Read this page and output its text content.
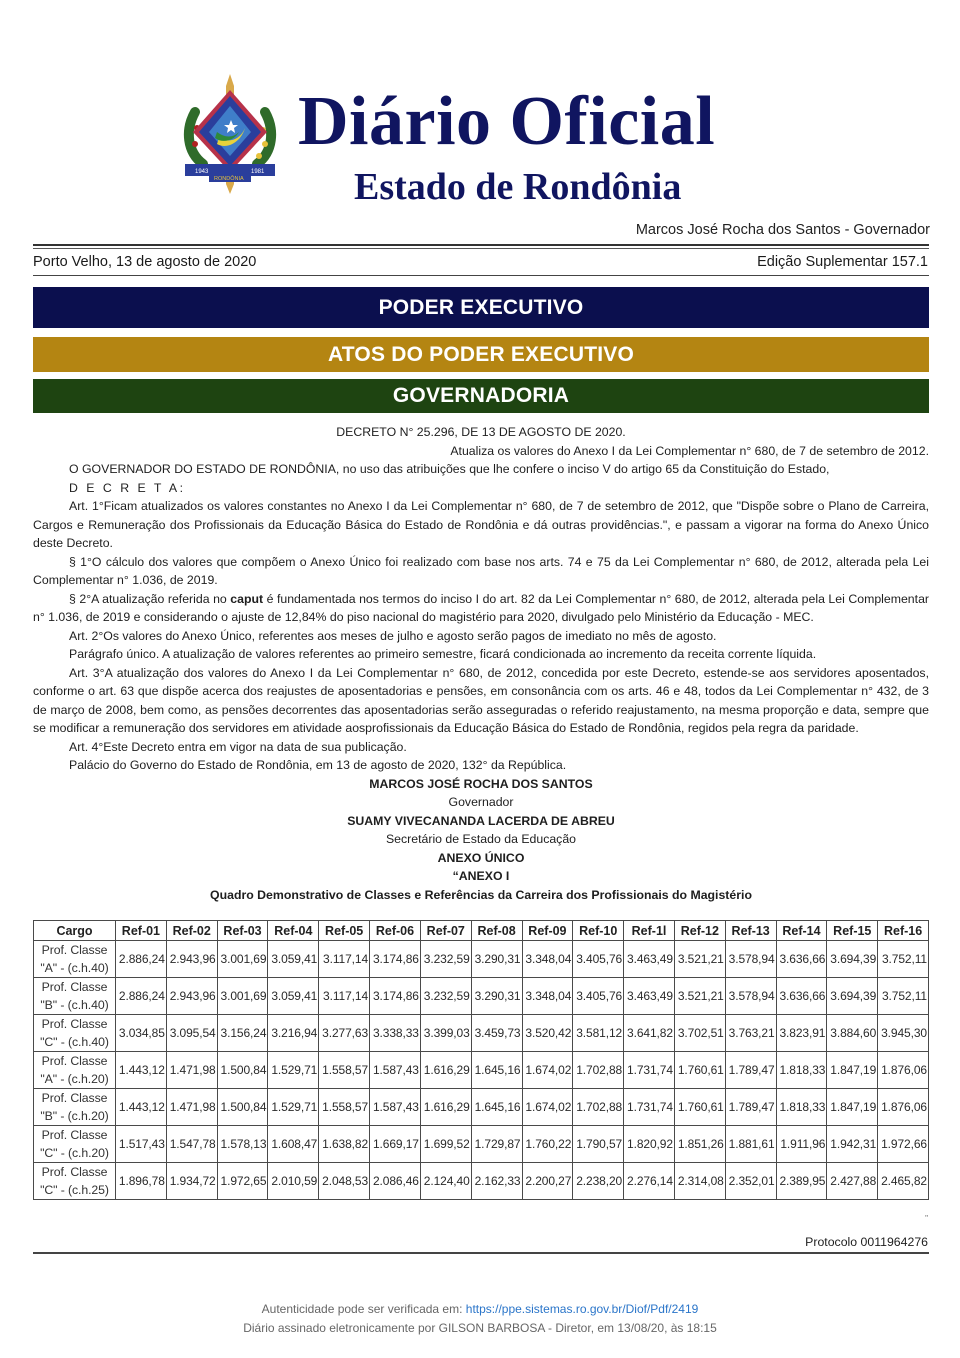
1943	1981
RONDÔNIA
Diário Oficial
Estado de Rondônia
Marcos José Rocha dos Santos - Governador
Porto Velho, 13 de agosto de 2020	Edição Suplementar 157.1
PODER EXECUTIVO
ATOS DO PODER EXECUTIVO
GOVERNADORIA

DECRETO N° 25.296, DE 13 DE AGOSTO DE 2020.

Atualiza os valores do Anexo I da Lei Complementar n° 680, de 7 de setembro de 2012.

O GOVERNADOR DO ESTADO DE RONDÔNIA, no uso das atribuições que lhe confere o inciso V do artigo 65 da Constituição do Estado,

D E C R E T A:

Art. 1°Ficam atualizados os valores constantes no Anexo I da Lei Complementar n° 680, de 7 de setembro de 2012, que "Dispõe sobre o Plano de Carreira, Cargos e Remuneração dos Profissionais da Educação Básica do Estado de Rondônia e dá outras providências.", e passam a vigorar na forma do Anexo Único deste Decreto.

§ 1°O cálculo dos valores que compõem o Anexo Único foi realizado com base nos arts. 74 e 75 da Lei Complementar n° 680, de 2012, alterada pela Lei Complementar n° 1.036, de 2019.

§ 2°A atualização referida no caput é fundamentada nos termos do inciso I do art. 82 da Lei Complementar n° 680, de 2012, alterada pela Lei Complementar n° 1.036, de 2019 e considerando o ajuste de 12,84% do piso nacional do magistério para 2020, divulgado pelo Ministério da Educação - MEC.

Art. 2°Os valores do Anexo Único, referentes aos meses de julho e agosto serão pagos de imediato no mês de agosto.

Parágrafo único. A atualização de valores referentes ao primeiro semestre, ficará condicionada ao incremento da receita corrente líquida.

Art. 3°A atualização dos valores do Anexo I da Lei Complementar n° 680, de 2012, concedida por este Decreto, estende-se aos servidores aposentados, conforme o art. 63 que dispõe acerca dos reajustes de aposentadorias e pensões, em consonância com os arts. 46 e 48, todos da Lei Complementar n° 432, de 3 de março de 2008, bem como, as pensões decorrentes das aposentadorias serão asseguradas o referido reajustamento, na mesma proporção e data, sempre que se modificar a remuneração dos servidores em atividade aosprofissionais da Educação Básica do Estado de Rondônia, regidos pela regra da paridade.

Art. 4°Este Decreto entra em vigor na data de sua publicação.

Palácio do Governo do Estado de Rondônia, em 13 de agosto de 2020, 132° da República.

MARCOS JOSÉ ROCHA DOS SANTOS

Governador

SUAMY VIVECANANDA LACERDA DE ABREU

Secretário de Estado da Educação

ANEXO ÚNICO

“ANEXO I

Quadro Demonstrativo de Classes e Referências da Carreira dos Profissionais do Magistério

Cargo	Ref-01	Ref-02	Ref-03	Ref-04	Ref-05	Ref-06	Ref-07	Ref-08	Ref-09	Ref-10	Ref-1l	Ref-12	Ref-13	Ref-14	Ref-15	Ref-16

Prof. Classe
"A" - (c.h.40)	2.886,24	2.943,96	3.001,69	3.059,41	3.117,14	3.174,86	3.232,59	3.290,31	3.348,04	3.405,76	3.463,49	3.521,21	3.578,94	3.636,66	3.694,39	3.752,11

Prof. Classe
"B" - (c.h.40)	2.886,24	2.943,96	3.001,69	3.059,41	3.117,14	3.174,86	3.232,59	3.290,31	3.348,04	3.405,76	3.463,49	3.521,21	3.578,94	3.636,66	3.694,39	3.752,11

Prof. Classe
"C" - (c.h.40)	3.034,85	3.095,54	3.156,24	3.216,94	3.277,63	3.338,33	3.399,03	3.459,73	3.520,42	3.581,12	3.641,82	3.702,51	3.763,21	3.823,91	3.884,60	3.945,30

Prof. Classe
"A" - (c.h.20)	1.443,12	1.471,98	1.500,84	1.529,71	1.558,57	1.587,43	1.616,29	1.645,16	1.674,02	1.702,88	1.731,74	1.760,61	1.789,47	1.818,33	1.847,19	1.876,06

Prof. Classe
"B" - (c.h.20)	1.443,12	1.471,98	1.500,84	1.529,71	1.558,57	1.587,43	1.616,29	1.645,16	1.674,02	1.702,88	1.731,74	1.760,61	1.789,47	1.818,33	1.847,19	1.876,06

Prof. Classe
"C" - (c.h.20)	1.517,43	1.547,78	1.578,13	1.608,47	1.638,82	1.669,17	1.699,52	1.729,87	1.760,22	1.790,57	1.820,92	1.851,26	1.881,61	1.911,96	1.942,31	1.972,66

Prof. Classe
"C" - (c.h.25)	1.896,78	1.934,72	1.972,65	2.010,59	2.048,53	2.086,46	2.124,40	2.162,33	2.200,27	2.238,20	2.276,14	2.314,08	2.352,01	2.389,95	2.427,88	2.465,82
"
Protocolo 0011964276
Autenticidade pode ser verificada em: https://ppe.sistemas.ro.gov.br/Diof/Pdf/2419
Diário assinado eletronicamente por GILSON BARBOSA - Diretor, em 13/08/20, às 18:15
